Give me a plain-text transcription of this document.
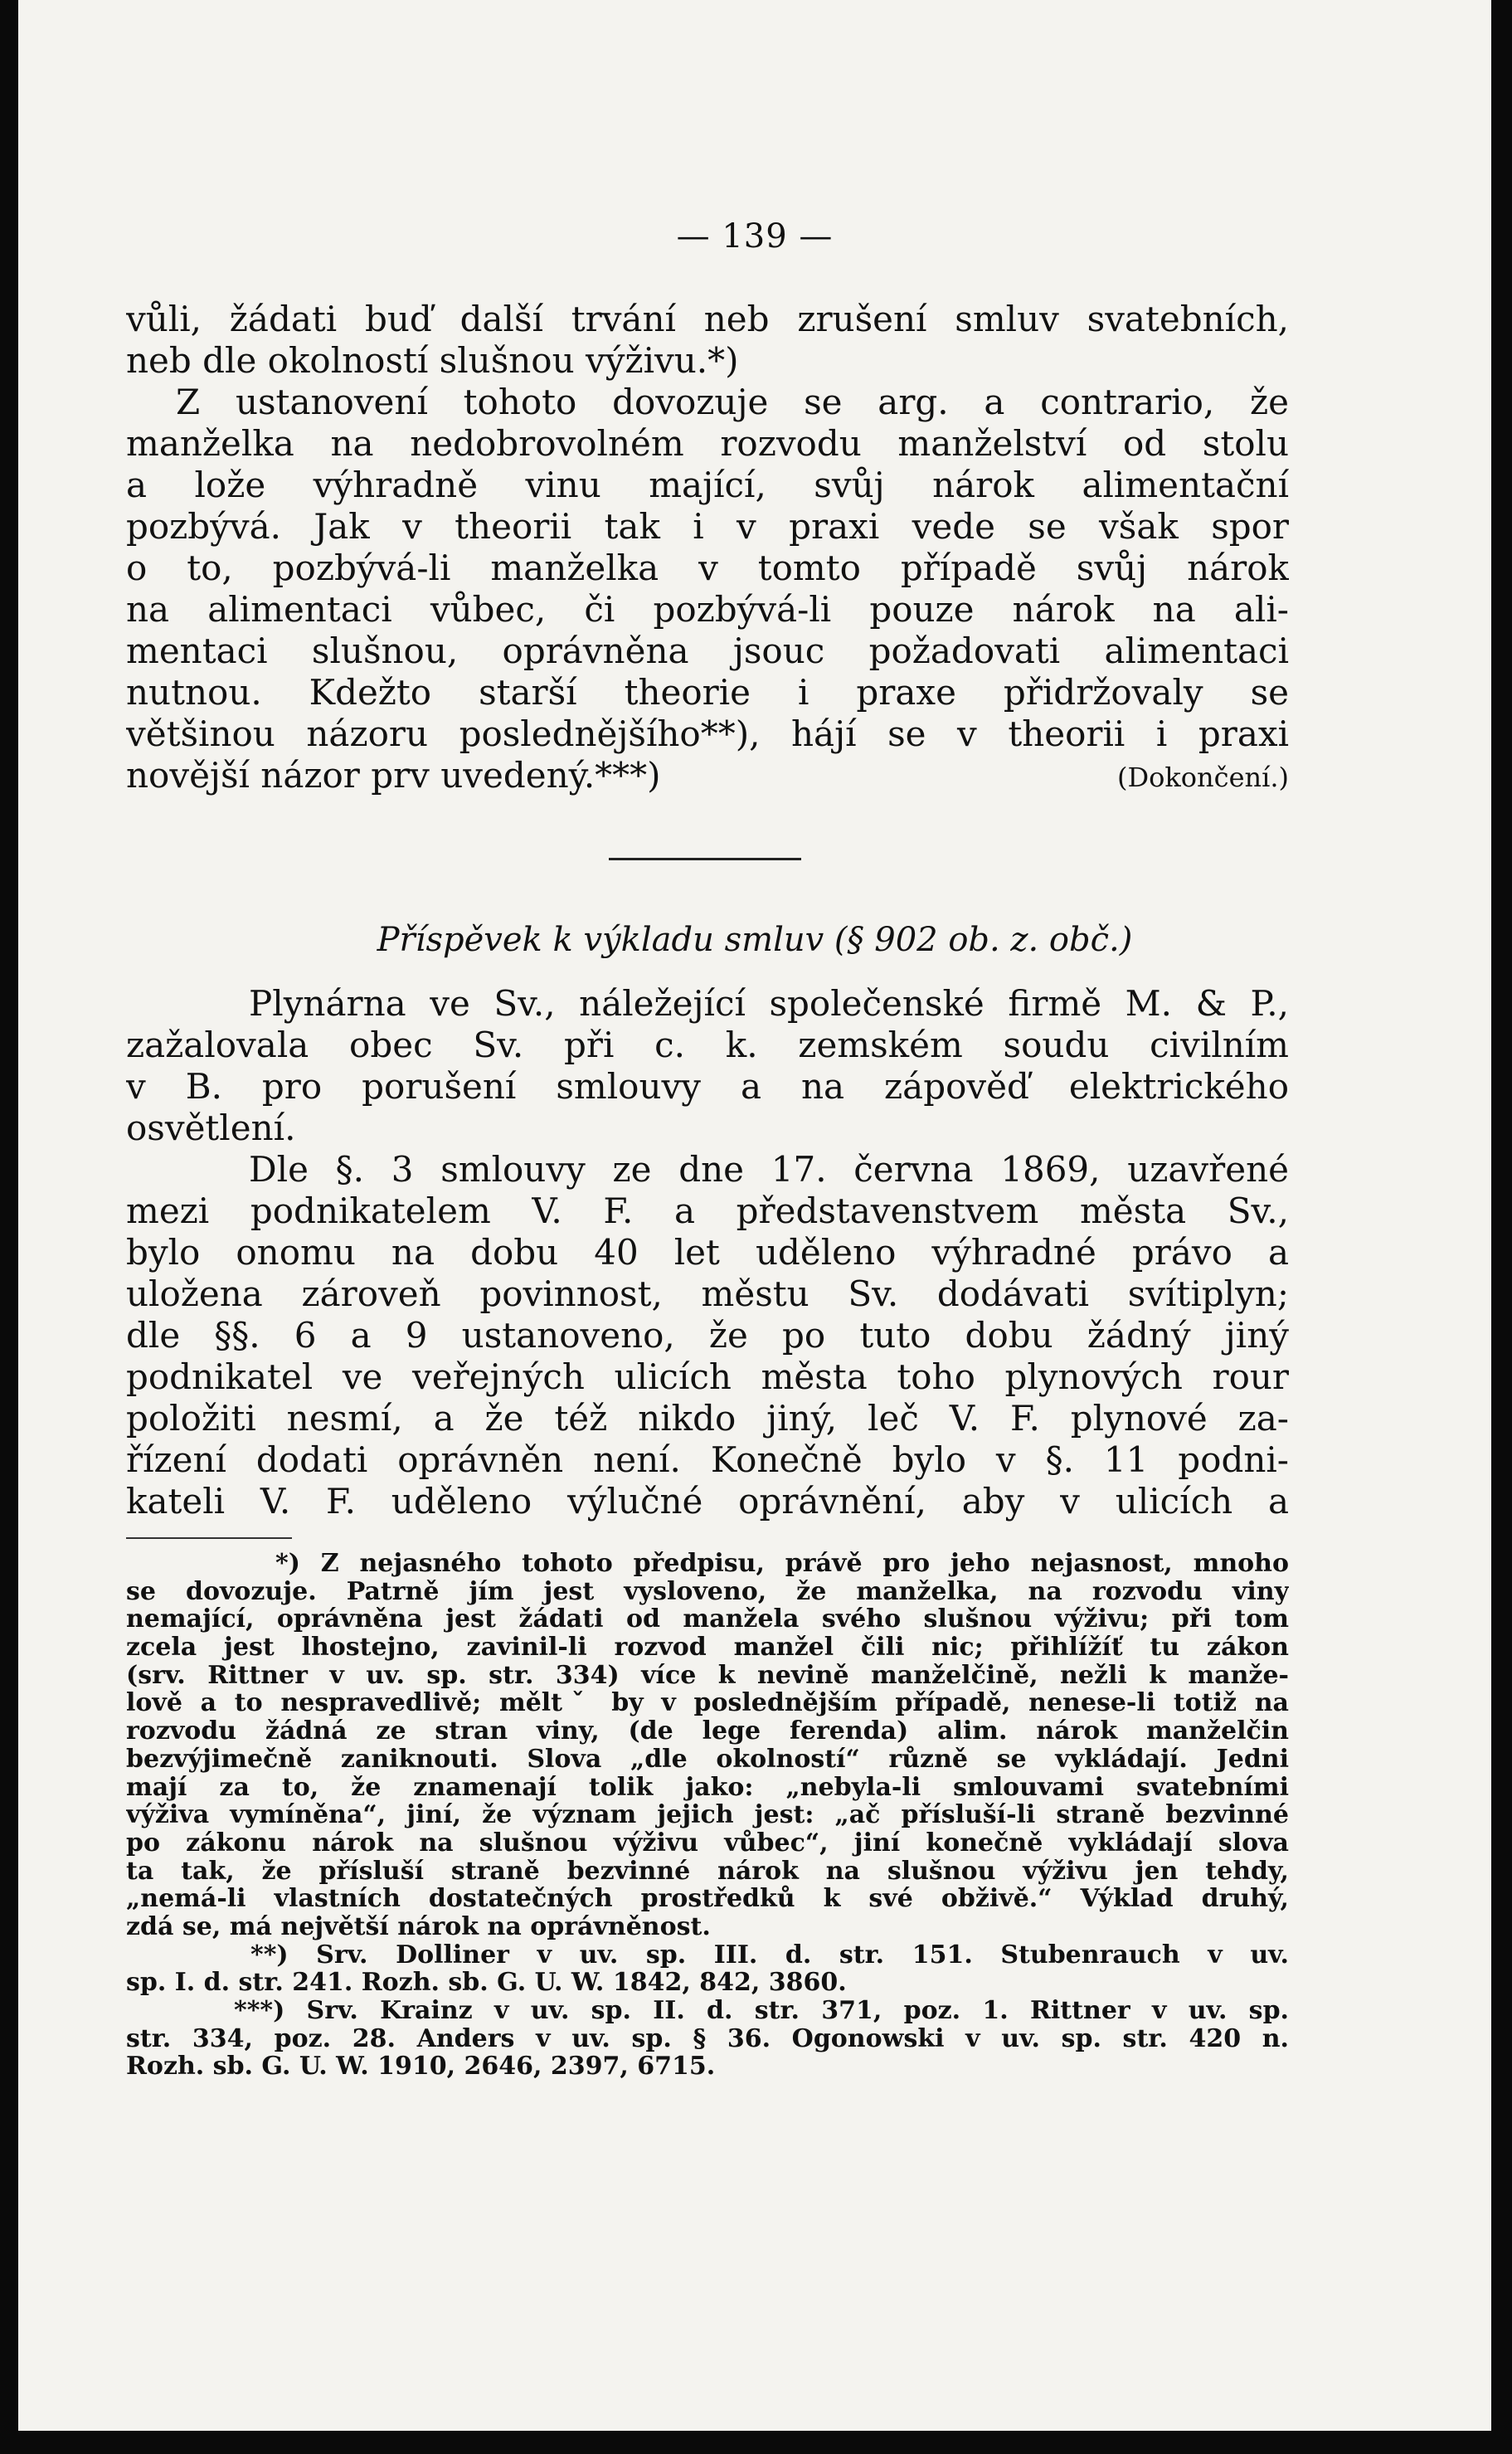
— 139 —
vůli, žádati buď další trvání neb zrušení smluv svatebních,
neb dle okolností slušnou výživu.*)
Z ustanovení tohoto dovozuje se arg. a contrario, že
manželka na nedobrovolném rozvodu manželství od stolu
a lože výhradně vinu mající, svůj nárok alimentační
pozbývá. Jak v theorii tak i v praxi vede se však spor
o to, pozbývá-li manželka v tomto případě svůj nárok
na alimentaci vůbec, či pozbývá-li pouze nárok na ali-
mentaci slušnou, oprávněna jsouc požadovati alimentaci
nutnou. Kdežto starší theorie i praxe přidržovaly se
většinou názoru poslednějšího**), hájí se v theorii i praxi
novější názor prv uvedený.***)	(Dokončení.)
Příspěvek k výkladu smluv (§ 902 ob. z. obč.)
Plynárna ve Sv., náležející společenské firmě M. & P.,
zažalovala obec Sv. při c. k. zemském soudu civilním
v B. pro porušení smlouvy a na zápověď elektrického
osvětlení.
Dle §. 3 smlouvy ze dne 17. června 1869, uzavřené
mezi podnikatelem V. F. a představenstvem města Sv.,
bylo onomu na dobu 40 let uděleno výhradné právo a
uložena zároveň povinnost, městu Sv. dodávati svítiplyn;
dle §§. 6 a 9 ustanoveno, že po tuto dobu žádný jiný
podnikatel ve veřejných ulicích města toho plynových rour
položiti nesmí, a že též nikdo jiný, leč V. F. plynové za-
řízení dodati oprávněn není. Konečně bylo v §. 11 podni-
kateli V. F. uděleno výlučné oprávnění, aby v ulicích a
*) Z nejasného tohoto předpisu, právě pro jeho nejasnost, mnoho
se dovozuje. Patrně jím jest vysloveno, že manželka, na rozvodu viny
nemající, oprávněna jest žádati od manžela svého slušnou výživu; při tom
zcela jest lhostejno, zavinil-li rozvod manžel čili nic; přihlížíť tu zákon
(srv. Rittner v uv. sp. str. 334) více k nevině manželčině, nežli k manže-
lově a to nespravedlivě; měltˇ by v poslednějším případě, nenese-li totiž na
rozvodu žádná ze stran viny, (de lege ferenda) alim. nárok manželčin
bezvýjimečně zaniknouti. Slova „dle okolností“ různě se vykládají. Jedni
mají za to, že znamenají tolik jako: „nebyla-li smlouvami svatebními
výživa vymíněna“, jiní, že význam jejich jest: „ač přísluší-li straně bezvinné
po zákonu nárok na slušnou výživu vůbec“, jiní konečně vykládají slova
ta tak, že přísluší straně bezvinné nárok na slušnou výživu jen tehdy,
„nemá-li vlastních dostatečných prostředků k své obživě.“ Výklad druhý,
zdá se, má největší nárok na oprávněnost.
**) Srv. Dolliner v uv. sp. III. d. str. 151. Stubenrauch v uv.
sp. I. d. str. 241. Rozh. sb. G. U. W. 1842, 842, 3860.
***) Srv. Krainz v uv. sp. II. d. str. 371, poz. 1. Rittner v uv. sp.
str. 334, poz. 28. Anders v uv. sp. § 36. Ogonowski v uv. sp. str. 420 n.
Rozh. sb. G. U. W. 1910, 2646, 2397, 6715.
